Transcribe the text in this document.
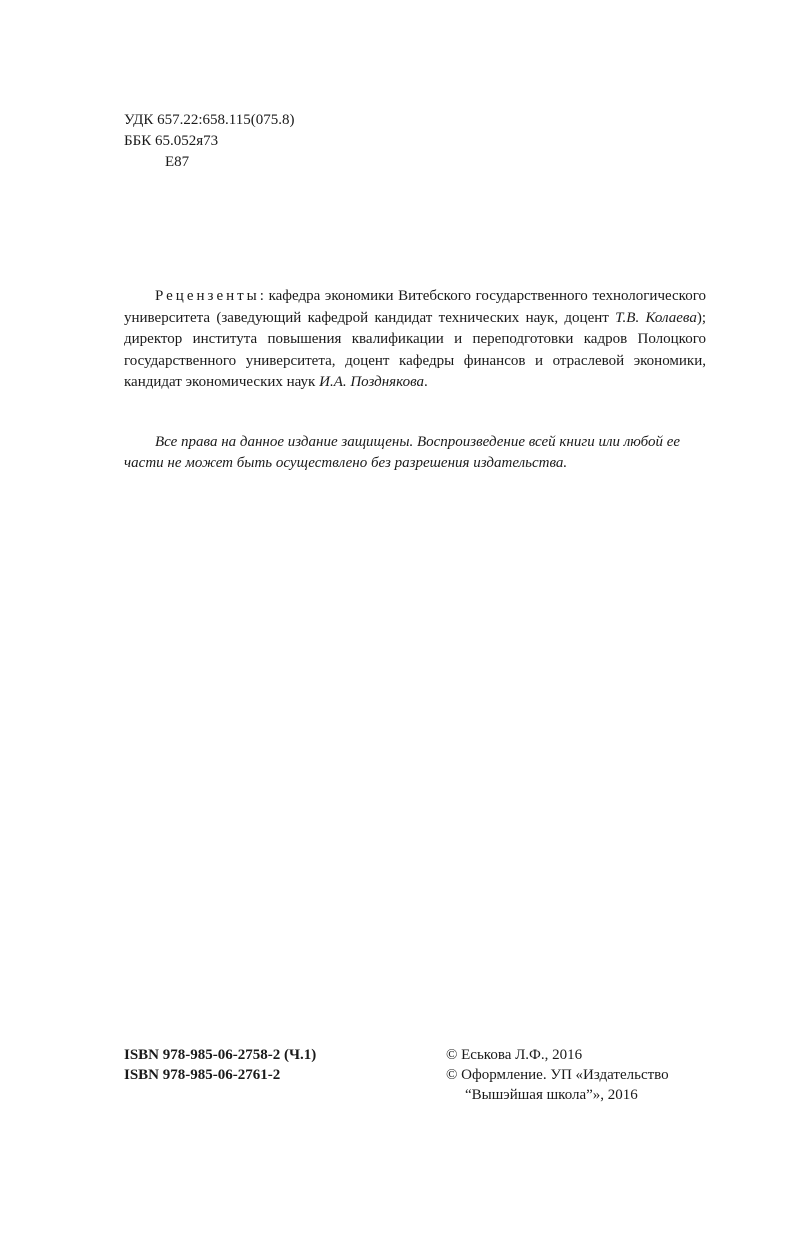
УДК 657.22:658.115(075.8)
ББК 65.052я73
Е87

Рецензенты: кафедра экономики Витебского государственного технологического университета (заведующий кафедрой кандидат технических наук, доцент Т.В. Колаева); директор института повышения квалификации и переподготовки кадров Полоцкого государственного университета, доцент кафедры финансов и отраслевой экономики, кандидат экономических наук И.А. Позднякова.

Все права на данное издание защищены. Воспроизведение всей книги или любой ее части не может быть осуществлено без разрешения издательства.

ISBN 978-985-06-2758-2 (Ч.1)
ISBN 978-985-06-2761-2
© Еськова Л.Ф., 2016
© Оформление. УП «Издательство
“Вышэйшая школа”», 2016
